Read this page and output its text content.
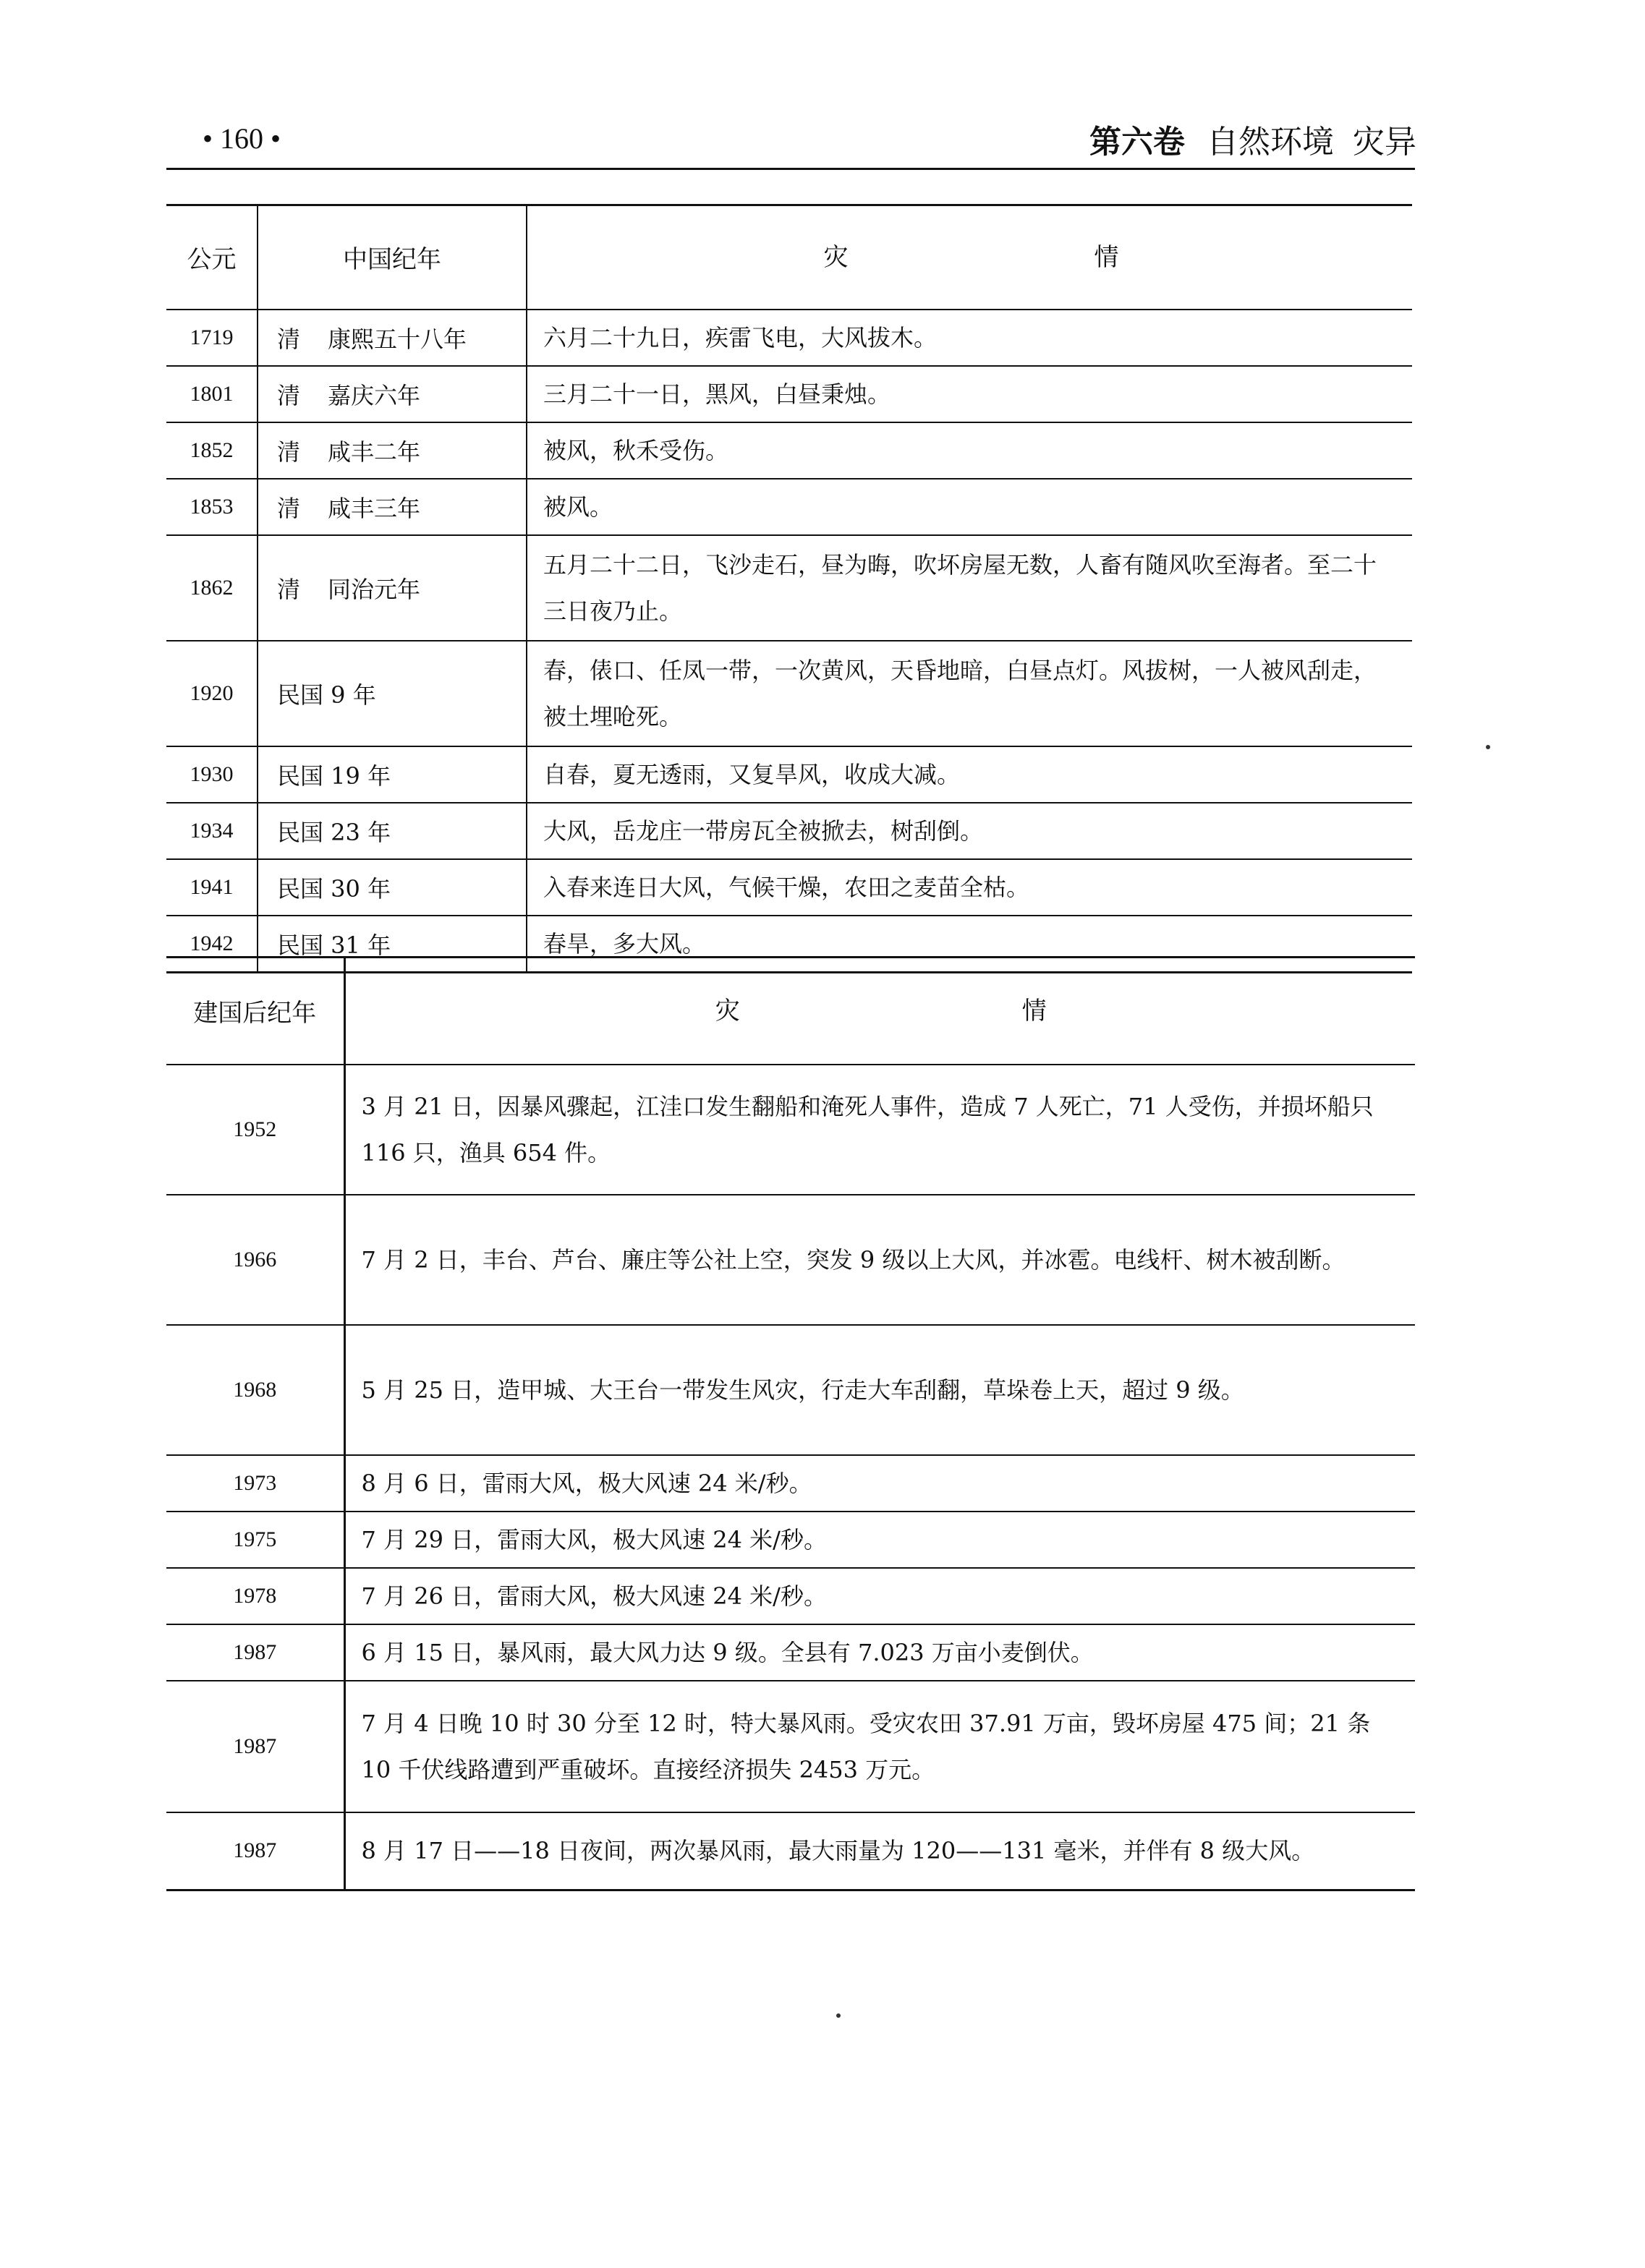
• 160 •	第六卷 自然环境 灾异
公元	中国纪年	灾 情
1719	清 康熙五十八年	六月二十九日，疾雷飞电，大风拔木。
1801	清 嘉庆六年	三月二十一日，黑风，白昼秉烛。
1852	清 咸丰二年	被风，秋禾受伤。
1853	清 咸丰三年	被风。
1862	清 同治元年	五月二十二日，飞沙走石，昼为晦，吹坏房屋无数，人畜有随风吹至海者。至二十三日夜乃止。
1920	民国 9 年	春，俵口、任凤一带，一次黄风，天昏地暗，白昼点灯。风拔树，一人被风刮走，被土埋呛死。
1930	民国 19 年	自春，夏无透雨，又复旱风，收成大减。
1934	民国 23 年	大风，岳龙庄一带房瓦全被掀去，树刮倒。
1941	民国 30 年	入春来连日大风，气候干燥，农田之麦苗全枯。
1942	民国 31 年	春旱，多大风。
建国后纪年	灾 情
1952	3 月 21 日，因暴风骤起，江洼口发生翻船和淹死人事件，造成 7 人死亡，71 人受伤，并损坏船只 116 只，渔具 654 件。
1966	7 月 2 日，丰台、芦台、廉庄等公社上空，突发 9 级以上大风，并冰雹。电线杆、树木被刮断。
1968	5 月 25 日，造甲城、大王台一带发生风灾，行走大车刮翻，草垛卷上天，超过 9 级。
1973	8 月 6 日，雷雨大风，极大风速 24 米/秒。
1975	7 月 29 日，雷雨大风，极大风速 24 米/秒。
1978	7 月 26 日，雷雨大风，极大风速 24 米/秒。
1987	6 月 15 日，暴风雨，最大风力达 9 级。全县有 7.023 万亩小麦倒伏。
1987	7 月 4 日晚 10 时 30 分至 12 时，特大暴风雨。受灾农田 37.91 万亩，毁坏房屋 475 间；21 条 10 千伏线路遭到严重破坏。直接经济损失 2453 万元。
1987	8 月 17 日——18 日夜间，两次暴风雨，最大雨量为 120——131 毫米，并伴有 8 级大风。
